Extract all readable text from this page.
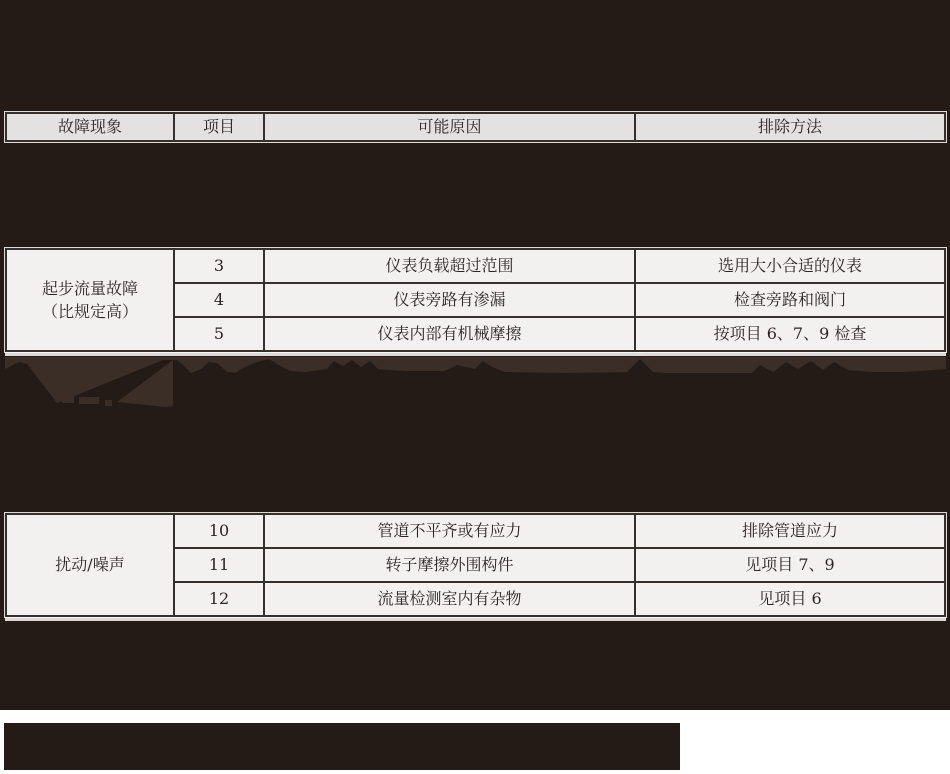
故障现象	项目	可能原因	排除方法
起步流量故障
（比规定高）
3	仪表负载超过范围	选用大小合适的仪表
4	仪表旁路有渗漏	检查旁路和阀门
5	仪表内部有机械摩擦	按项目 6、7、9 检查
扰动/噪声
10	管道不平齐或有应力	排除管道应力
11	转子摩擦外围构件	见项目 7、9
12	流量检测室内有杂物	见项目 6
